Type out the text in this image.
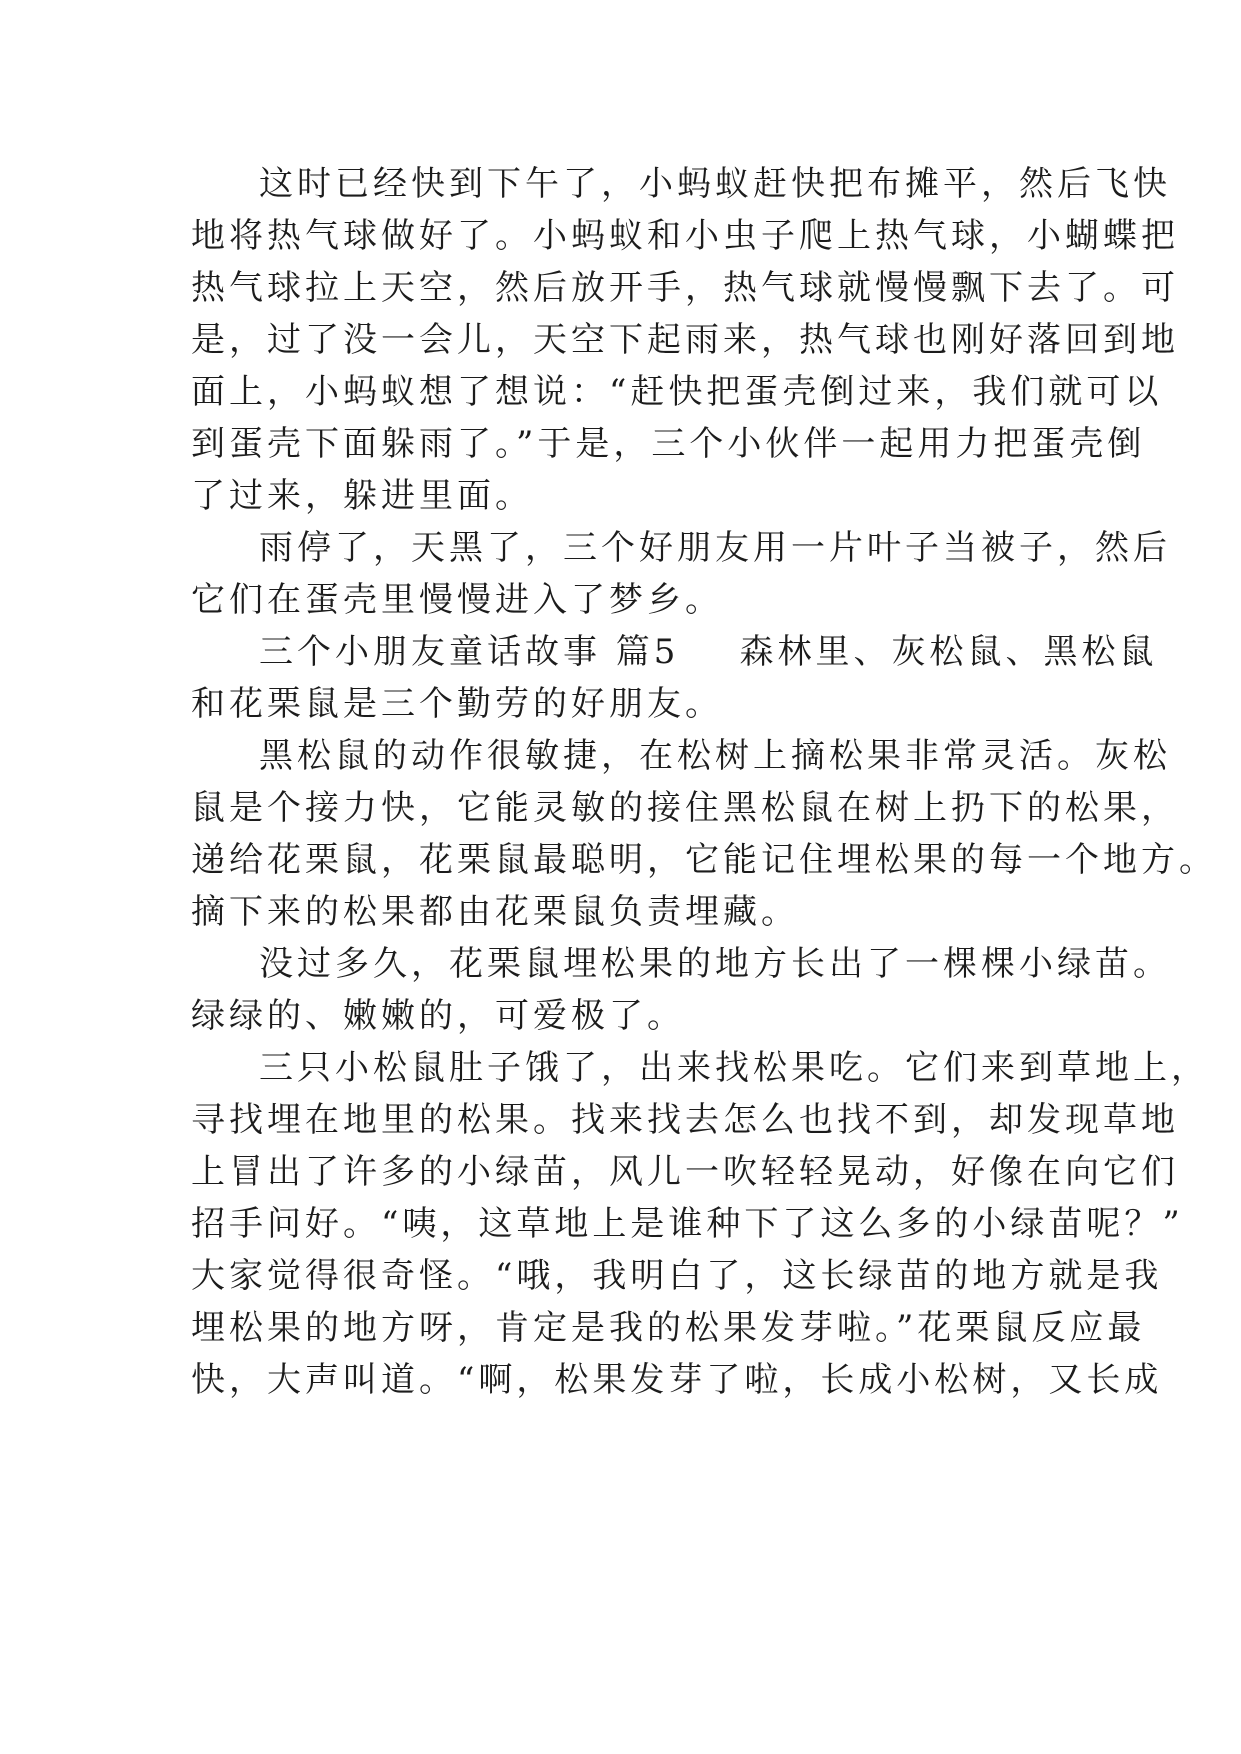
这时已经快到下午了，小蚂蚁赶快把布摊平，然后飞快
地将热气球做好了。小蚂蚁和小虫子爬上热气球，小蝴蝶把
热气球拉上天空，然后放开手，热气球就慢慢飘下去了。可
是，过了没一会儿，天空下起雨来，热气球也刚好落回到地
面上，小蚂蚁想了想说：“赶快把蛋壳倒过来，我们就可以
到蛋壳下面躲雨了。”于是，三个小伙伴一起用力把蛋壳倒
了过来，躲进里面。
雨停了，天黑了，三个好朋友用一片叶子当被子，然后
它们在蛋壳里慢慢进入了梦乡。
三个小朋友童话故事 篇5 森林里、灰松鼠、黑松鼠
和花栗鼠是三个勤劳的好朋友。
黑松鼠的动作很敏捷，在松树上摘松果非常灵活。灰松
鼠是个接力快，它能灵敏的接住黑松鼠在树上扔下的松果，
递给花栗鼠，花栗鼠最聪明，它能记住埋松果的每一个地方。
摘下来的松果都由花栗鼠负责埋藏。
没过多久，花栗鼠埋松果的地方长出了一棵棵小绿苗。
绿绿的、嫩嫩的，可爱极了。
三只小松鼠肚子饿了，出来找松果吃。它们来到草地上，
寻找埋在地里的松果。找来找去怎么也找不到，却发现草地
上冒出了许多的小绿苗，风儿一吹轻轻晃动，好像在向它们
招手问好。“咦，这草地上是谁种下了这么多的小绿苗呢？”
大家觉得很奇怪。“哦，我明白了，这长绿苗的地方就是我
埋松果的地方呀，肯定是我的松果发芽啦。”花栗鼠反应最
快，大声叫道。“啊，松果发芽了啦，长成小松树，又长成
